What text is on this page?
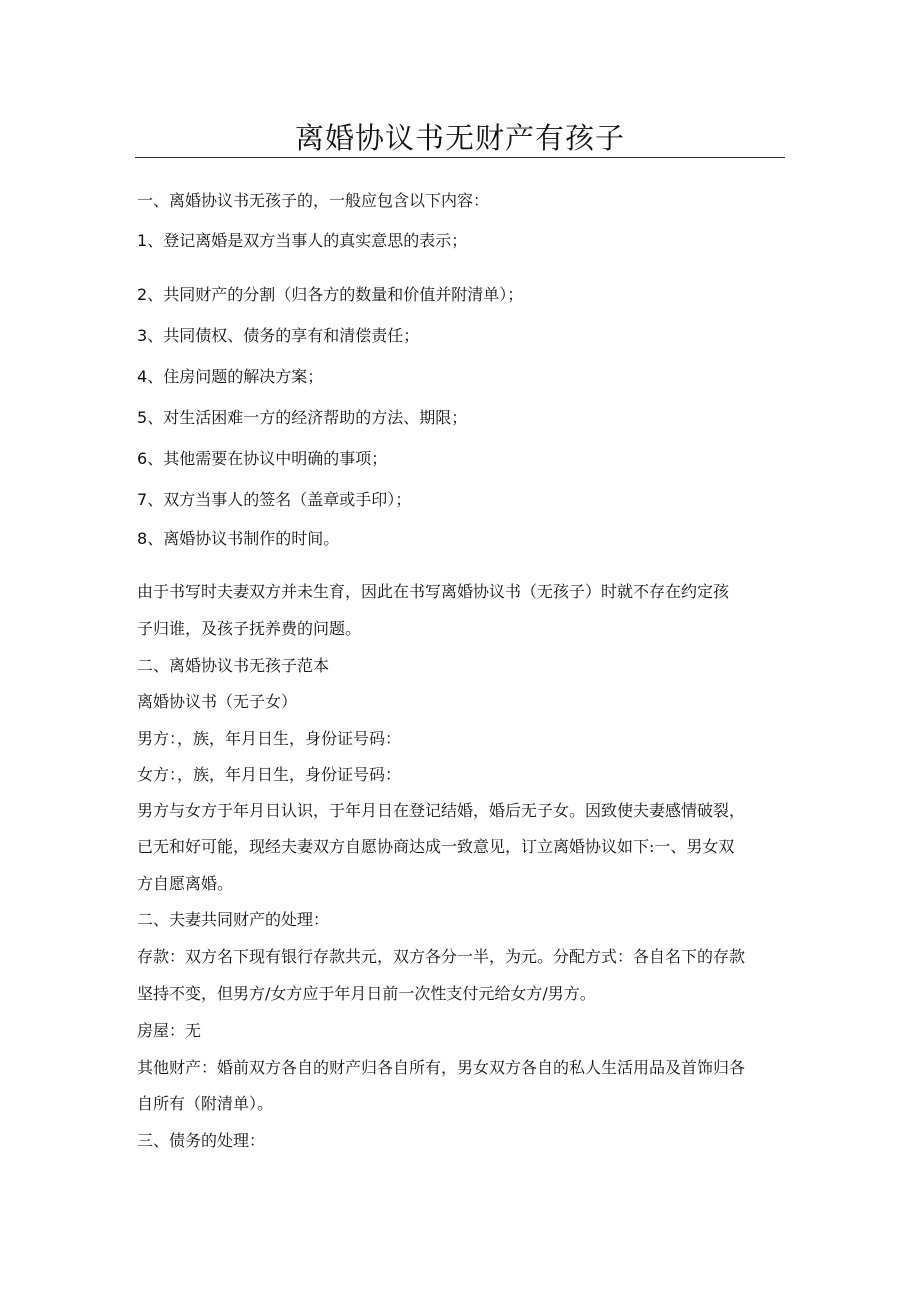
离婚协议书无财产有孩子
一、离婚协议书无孩子的，一般应包含以下内容：
1、登记离婚是双方当事人的真实意思的表示；
2、共同财产的分割（归各方的数量和价值并附清单）；
3、共同债权、债务的享有和清偿责任；
4、住房问题的解决方案；
5、对生活困难一方的经济帮助的方法、期限；
6、其他需要在协议中明确的事项；
7、双方当事人的签名（盖章或手印）；
8、离婚协议书制作的时间。
由于书写时夫妻双方并未生育，因此在书写离婚协议书（无孩子）时就不存在约定孩
子归谁，及孩子抚养费的问题。
二、离婚协议书无孩子范本
离婚协议书（无子女）
男方：，族，年月日生，身份证号码：
女方：，族，年月日生，身份证号码：
男方与女方于年月日认识，于年月日在登记结婚，婚后无子女。因致使夫妻感情破裂，
已无和好可能，现经夫妻双方自愿协商达成一致意见，订立离婚协议如下:一、男女双
方自愿离婚。
二、夫妻共同财产的处理：
存款：双方名下现有银行存款共元，双方各分一半，为元。分配方式：各自名下的存款
坚持不变，但男方/女方应于年月日前一次性支付元给女方/男方。
房屋：无
其他财产：婚前双方各自的财产归各自所有，男女双方各自的私人生活用品及首饰归各
自所有（附清单）。
三、债务的处理：
